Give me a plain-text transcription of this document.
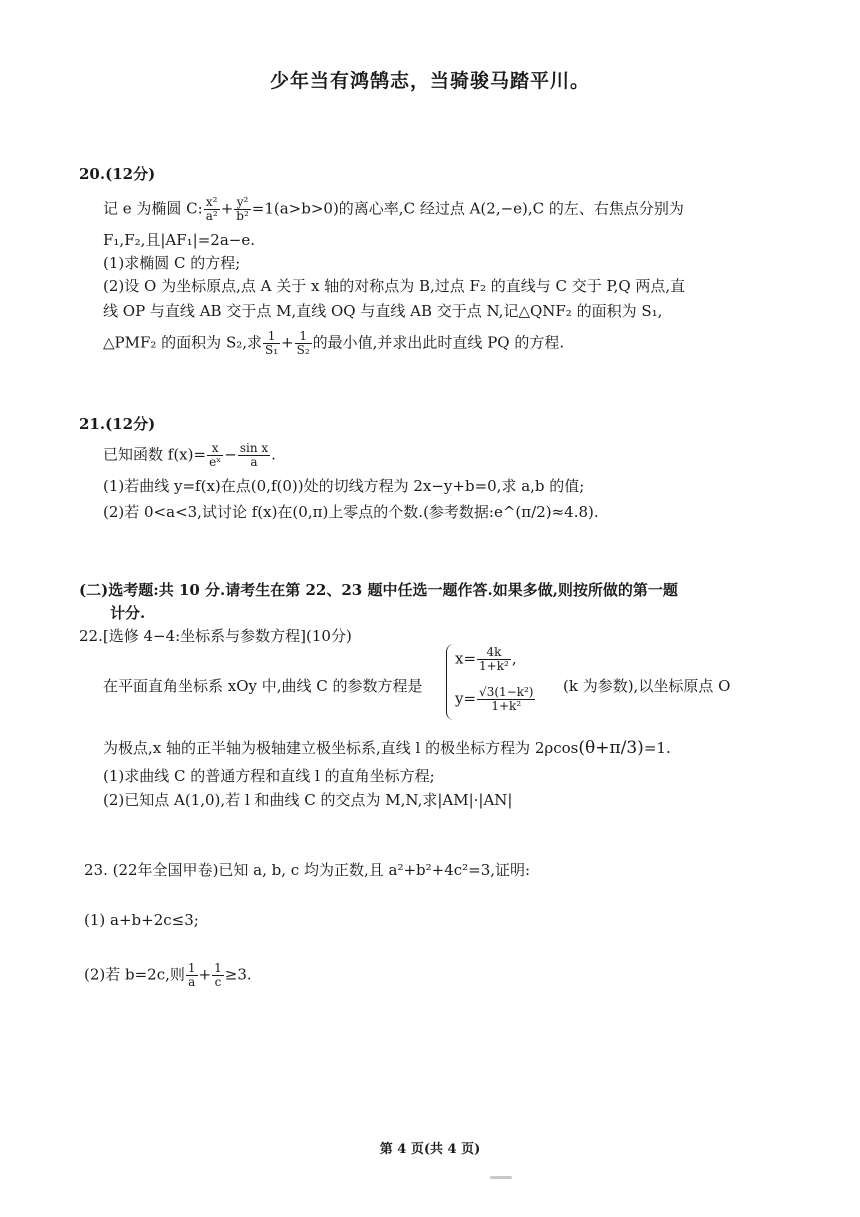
少年当有鸿鹄志，当骑骏马踏平川。
20.(12分)
记 e 为椭圆 C: $\frac{\text{x²}}{\text{a²}} + \frac{\text{y²}}{\text{b²}} =1(a>b>0)$的离心率,C 经过点 A(2,−e),C 的左、右焦点分别为
F₁,F₂,且|AF₁|=2a−e.
(1)求椭圆 C 的方程;
(2)设 O 为坐标原点,点 A 关于 x 轴的对称点为 B,过点 F₂ 的直线与 C 交于 P,Q 两点,直
线 OP 与直线 AB 交于点 M,直线 OQ 与直线 AB 交于点 N,记△QNF₂ 的面积为 S₁,
△PMF₂ 的面积为 S₂,求 $\frac{1}{\text{S₁}} + \frac{1}{\text{S₂}}$ 的最小值,并求出此时直线 PQ 的方程.
21.(12分)
已知函数 $f(x)= \frac{x}{\text{eˣ}} - \frac{\text{sin x}}{a}$ .
(1)若曲线 y=f(x)在点(0,f(0))处的切线方程为 2x−y+b=0,求 a,b 的值;
(2)若 0<a<3,试讨论 f(x)在(0,π)上零点的个数.(参考数据:e^(π/2)≈4.8).
(二)选考题:共 10 分.请考生在第 22、23 题中任选一题作答.如果多做,则按所做的第一题
计分.
22.[选修 4−4:坐标系与参数方程](10分)
在平面直角坐标系 xOy 中,曲线 C 的参数方程是
$x= \frac{4k}{\text{1+k²}}$ ,
$y= \frac{\text{√3(1−k²)}}{\text{1+k²}} (k$ 为参数),以坐标原点 O
为极点,x 轴的正半轴为极轴建立极坐标系,直线 l 的极坐标方程为 2ρcos(θ+π/3)=1.
(1)求曲线 C 的普通方程和直线 l 的直角坐标方程;
(2)已知点 A(1,0),若 l 和曲线 C 的交点为 M,N,求|AM|·|AN|
23. (22年全国甲卷)已知 a, b, c 均为正数,且 a²+b²+4c²=3,证明:
(1) a+b+2c≤3;
(2)若 b=2c,则 $\frac{1}{a} + \frac{1}{c} \ge 3$.
第 4 页(共 4 页)
